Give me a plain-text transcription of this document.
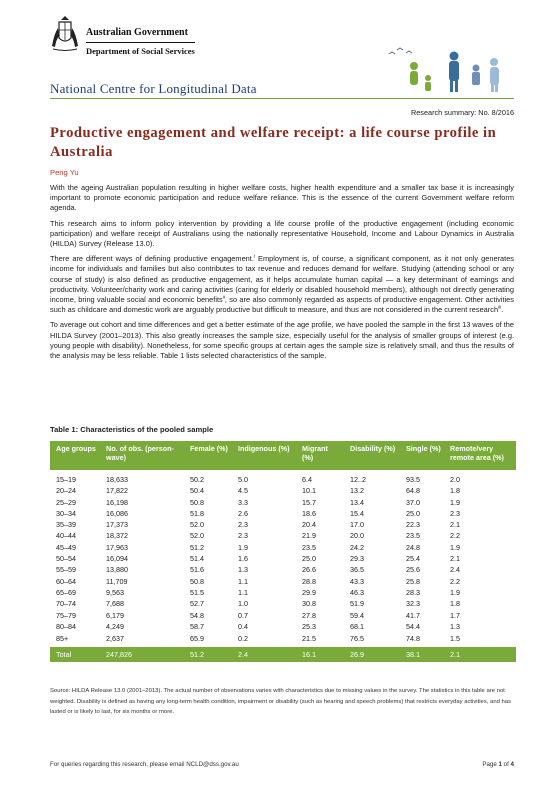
Australian Government
Department of Social Services
National Centre for Longitudinal Data
Research summary: No. 8/2016
Productive engagement and welfare receipt: a life course profile in Australia
Peng Yu

With the ageing Australian population resulting in higher welfare costs, higher health expenditure and a smaller tax base it is increasingly important to promote economic participation and reduce welfare reliance. This is the essence of the current Government welfare reform agenda.

This research aims to inform policy intervention by providing a life course profile of the productive engagement (including economic participation) and welfare receipt of Australians using the nationally representative Household, Income and Labour Dynamics in Australia (HILDA) Survey (Release 13.0).

There are different ways of defining productive engagement.$^i$ Employment is, of course, a significant component, as it not only generates income for individuals and families but also contributes to tax revenue and reduces demand for welfare. Studying (attending school or any course of study) is also defined as productive engagement, as it helps accumulate human capital — a key determinant of earnings and productivity. Volunteer/charity work and caring activities (caring for elderly or disabled household members), although not directly generating income, bring valuable social and economic benefits$^{ii}$, so are also commonly regarded as aspects of productive engagement. Other activities such as childcare and domestic work are arguably productive but difficult to measure, and thus are not considered in the current research$^{iii}$.

To average out cohort and time differences and get a better estimate of the age profile, we have pooled the sample in the first 13 waves of the HILDA Survey (2001–2013). This also greatly increases the sample size, especially useful for the analysis of smaller groups of interest (e.g. young people with disability). Nonetheless, for some specific groups at certain ages the sample size is relatively small, and thus the results of the analysis may be less reliable. Table 1 lists selected characteristics of the sample.

Table 1: Characteristics of the pooled sample
Age groups	No. of obs. (person-wave)	Female (%)	Indigenous (%)	Migrant (%)	Disability (%)	Single (%)	Remote/very remote area (%)
15–19	18,633	50.2	5.0	6.4	12..2	93.5	2.0
20–24	17,822	50.4	4.5	10.1	13.2	64.8	1.8
25–29	16,198	50.8	3.3	15.7	13.4	37.0	1.9
30–34	16,086	51.8	2.6	18.6	15.4	25.0	2.3
35–39	17,373	52.0	2.3	20.4	17.0	22.3	2.1
40–44	18,372	52.0	2.3	21.9	20.0	23.5	2.2
45–49	17,963	51.2	1.9	23.5	24.2	24.8	1.9
50–54	16,094	51.4	1.6	25.0	29.3	25.4	2.1
55–59	13,880	51.6	1.3	26.6	36.5	25.6	2.4
60–64	11,709	50.8	1.1	28.8	43.3	25.8	2.2
65–69	9,563	51.5	1.1	29.9	46.3	28.3	1.9
70–74	7,688	52.7	1.0	30.8	51.9	32.3	1.8
75–79	6,179	54.8	0.7	27.8	59.4	41.7	1.7
80–84	4,249	58.7	0.4	25.3	68.1	54.4	1.3
85+	2,637	65.9	0.2	21.5	76.5	74.8	1.5
Total	247,826	51.2	2.4	16.1	26.9	38.1	2.1
Source: HILDA Release 13.0 (2001–2013). The actual number of observations varies with characteristics due to missing values in the survey. The statistics in this table are not weighted. Disability is defined as having any long-term health condition, impairment or disability (such as hearing and speech problems) that restricts everyday activities, and has lasted or is likely to last, for six months or more.
For queries regarding this research, please email NCLD@dss.gov.au	Page 1 of 4
